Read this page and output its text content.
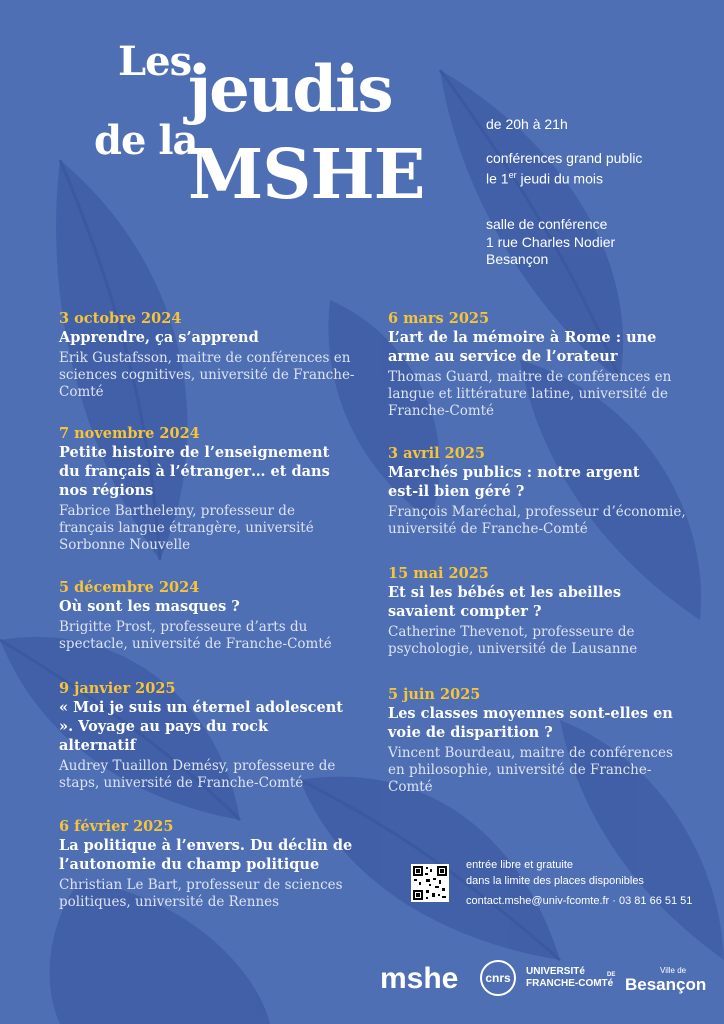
Les
jeudis
de la
MSHE
de 20h à 21h
conférences grand public
le 1er jeudi du mois
salle de conférence
1 rue Charles Nodier
Besançon
3 octobre 2024
Apprendre, ça s’apprend
Erik Gustafsson, maitre de conférences en sciences cognitives, université de Franche-Comté
7 novembre 2024
Petite histoire de l’enseignement du français à l’étranger… et dans nos régions
Fabrice Barthelemy, professeur de français langue étrangère, université Sorbonne Nouvelle
5 décembre 2024
Où sont les masques ?
Brigitte Prost, professeure d’arts du spectacle, université de Franche-Comté
9 janvier 2025
« Moi je suis un éternel adolescent ». Voyage au pays du rock alternatif
Audrey Tuaillon Demésy, professeure de staps, université de Franche-Comté
6 février 2025
La politique à l’envers. Du déclin de l’autonomie du champ politique
Christian Le Bart, professeur de sciences politiques, université de Rennes
6 mars 2025
L’art de la mémoire à Rome : une arme au service de l’orateur
Thomas Guard, maitre de conférences en langue et littérature latine, université de Franche-Comté
3 avril 2025
Marchés publics : notre argent est-il bien géré ?
François Maréchal, professeur d’économie, université de Franche-Comté
15 mai 2025
Et si les bébés et les abeilles savaient compter ?
Catherine Thevenot, professeure de psychologie, université de Lausanne
5 juin 2025
Les classes moyennes sont-elles en voie de disparition ?
Vincent Bourdeau, maitre de conférences en philosophie, université de Franche-Comté
entrée libre et gratuite
dans la limite des places disponibles
contact.mshe@univ-fcomte.fr · 03 81 66 51 51
mshe cnrs	UNIVERSITé
FRANCHE-COMTé
DE	Ville de
Besançon
